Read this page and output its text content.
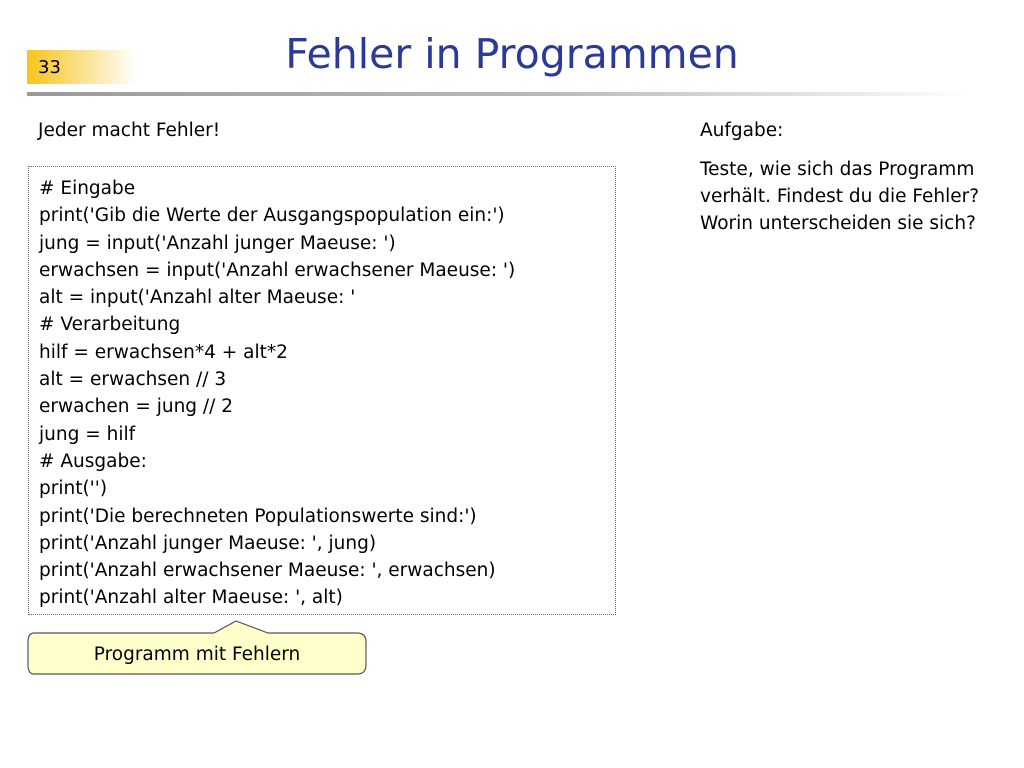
33	Fehler in Programmen
Jeder macht Fehler!
# Eingabe
print('Gib die Werte der Ausgangspopulation ein:')
jung = input('Anzahl junger Maeuse: ')
erwachsen = input('Anzahl erwachsener Maeuse: ')
alt = input('Anzahl alter Maeuse: '
# Verarbeitung
hilf = erwachsen*4 + alt*2
alt = erwachsen // 3
erwachen = jung // 2
jung = hilf
# Ausgabe:
print('')
print('Die berechneten Populationswerte sind:')
print('Anzahl junger Maeuse: ', jung)
print('Anzahl erwachsener Maeuse: ', erwachsen)
print('Anzahl alter Maeuse: ', alt)
Programm mit Fehlern
Aufgabe:
Teste, wie sich das Programm verhält. Findest du die Fehler? Worin unterscheiden sie sich?
